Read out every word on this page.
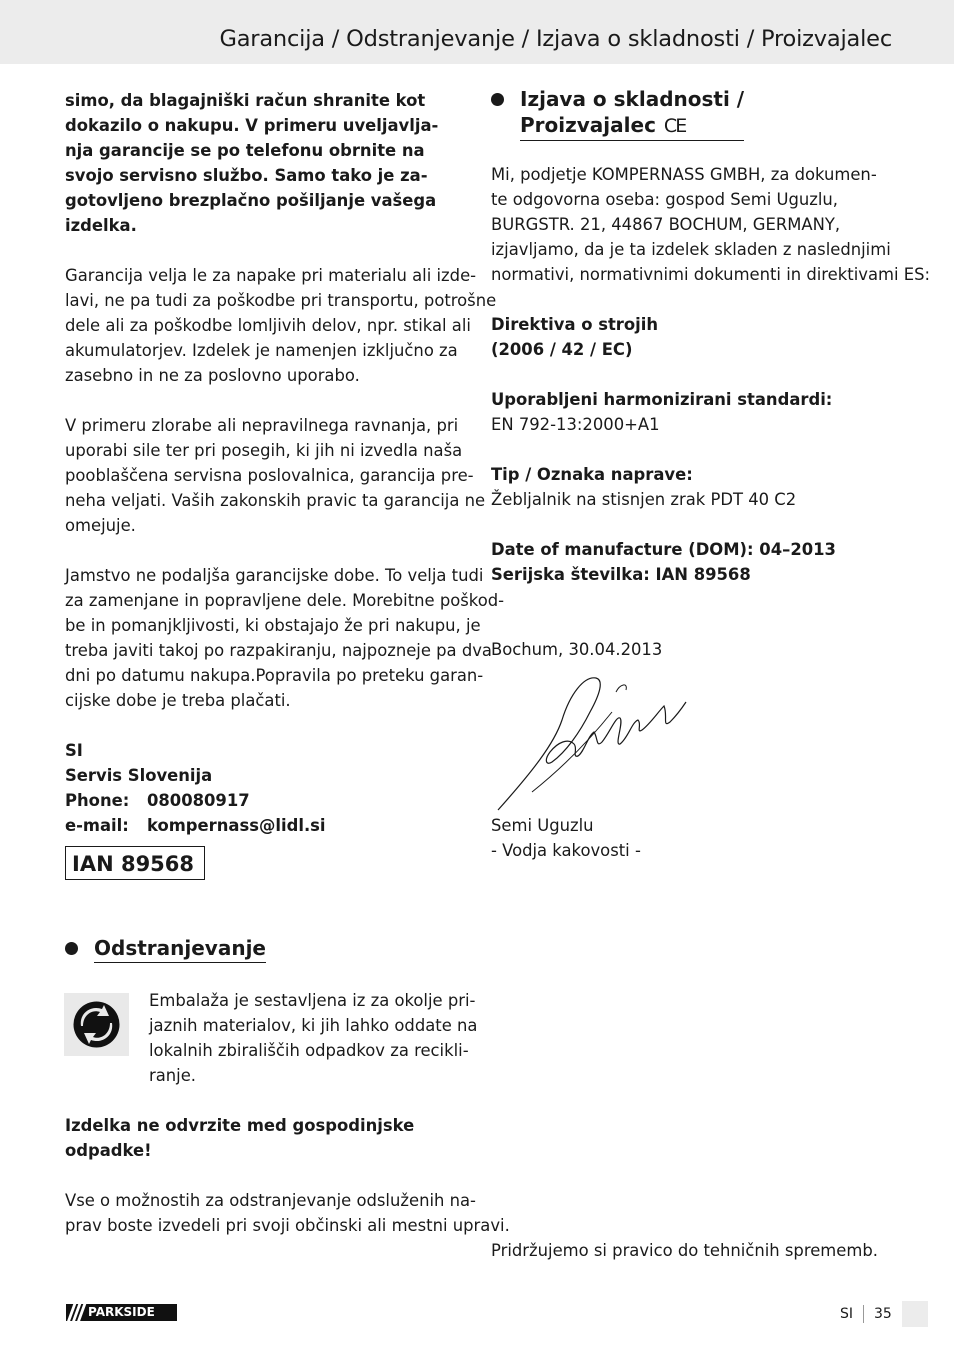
Garancija / Odstranjevanje / Izjava o skladnosti / Proizvajalec
simo, da blagajniški račun shranite kot
dokazilo o nakupu. V primeru uveljavlja-
nja garancije se po telefonu obrnite na
svojo servisno službo. Samo tako je za-
gotovljeno brezplačno pošiljanje vašega
izdelka.
Garancija velja le za napake pri materialu ali izde-
lavi, ne pa tudi za poškodbe pri transportu, potrošne
dele ali za poškodbe lomljivih delov, npr. stikal ali
akumulatorjev. Izdelek je namenjen izključno za
zasebno in ne za poslovno uporabo.
V primeru zlorabe ali nepravilnega ravnanja, pri
uporabi sile ter pri posegih, ki jih ni izvedla naša
pooblaščena servisna poslovalnica, garancija pre-
neha veljati. Vaših zakonskih pravic ta garancija ne
omejuje.
Jamstvo ne podaljša garancijske dobe. To velja tudi
za zamenjane in popravljene dele. Morebitne poškod-
be in pomanjkljivosti, ki obstajajo že pri nakupu, je
treba javiti takoj po razpakiranju, najpozneje pa dva
dni po datumu nakupa.Popravila po preteku garan-
cijske dobe je treba plačati.
SI
Servis Slovenija
Phone:	080080917
e-mail:	kompernass@lidl.si
IAN 89568
Odstranjevanje
Embalaža je sestavljena iz za okolje pri-
jaznih materialov, ki jih lahko oddate na
lokalnih zbirališčih odpadkov za recikli-
ranje.
Izdelka ne odvrzite med gospodinjske
odpadke!
Vse o možnostih za odstranjevanje odsluženih na-
prav boste izvedeli pri svoji občinski ali mestni upravi.
Izjava o skladnosti /
Proizvajalec CE
Mi, podjetje KOMPERNASS GMBH, za dokumen-
te odgovorna oseba: gospod Semi Uguzlu,
BURGSTR. 21, 44867 BOCHUM, GERMANY,
izjavljamo, da je ta izdelek skladen z naslednjimi
normativi, normativnimi dokumenti in direktivami ES:
Direktiva o strojih
(2006 / 42 / EC)
Uporabljeni harmonizirani standardi:
EN 792-13:2000+A1
Tip / Oznaka naprave:
Žebljalnik na stisnjen zrak PDT 40 C2
Date of manufacture (DOM): 04–2013
Serijska številka: IAN 89568
Bochum, 30.04.2013
Semi Uguzlu
- Vodja kakovosti -
Pridržujemo si pravico do tehničnih sprememb.
PARKSIDE	SI 35
